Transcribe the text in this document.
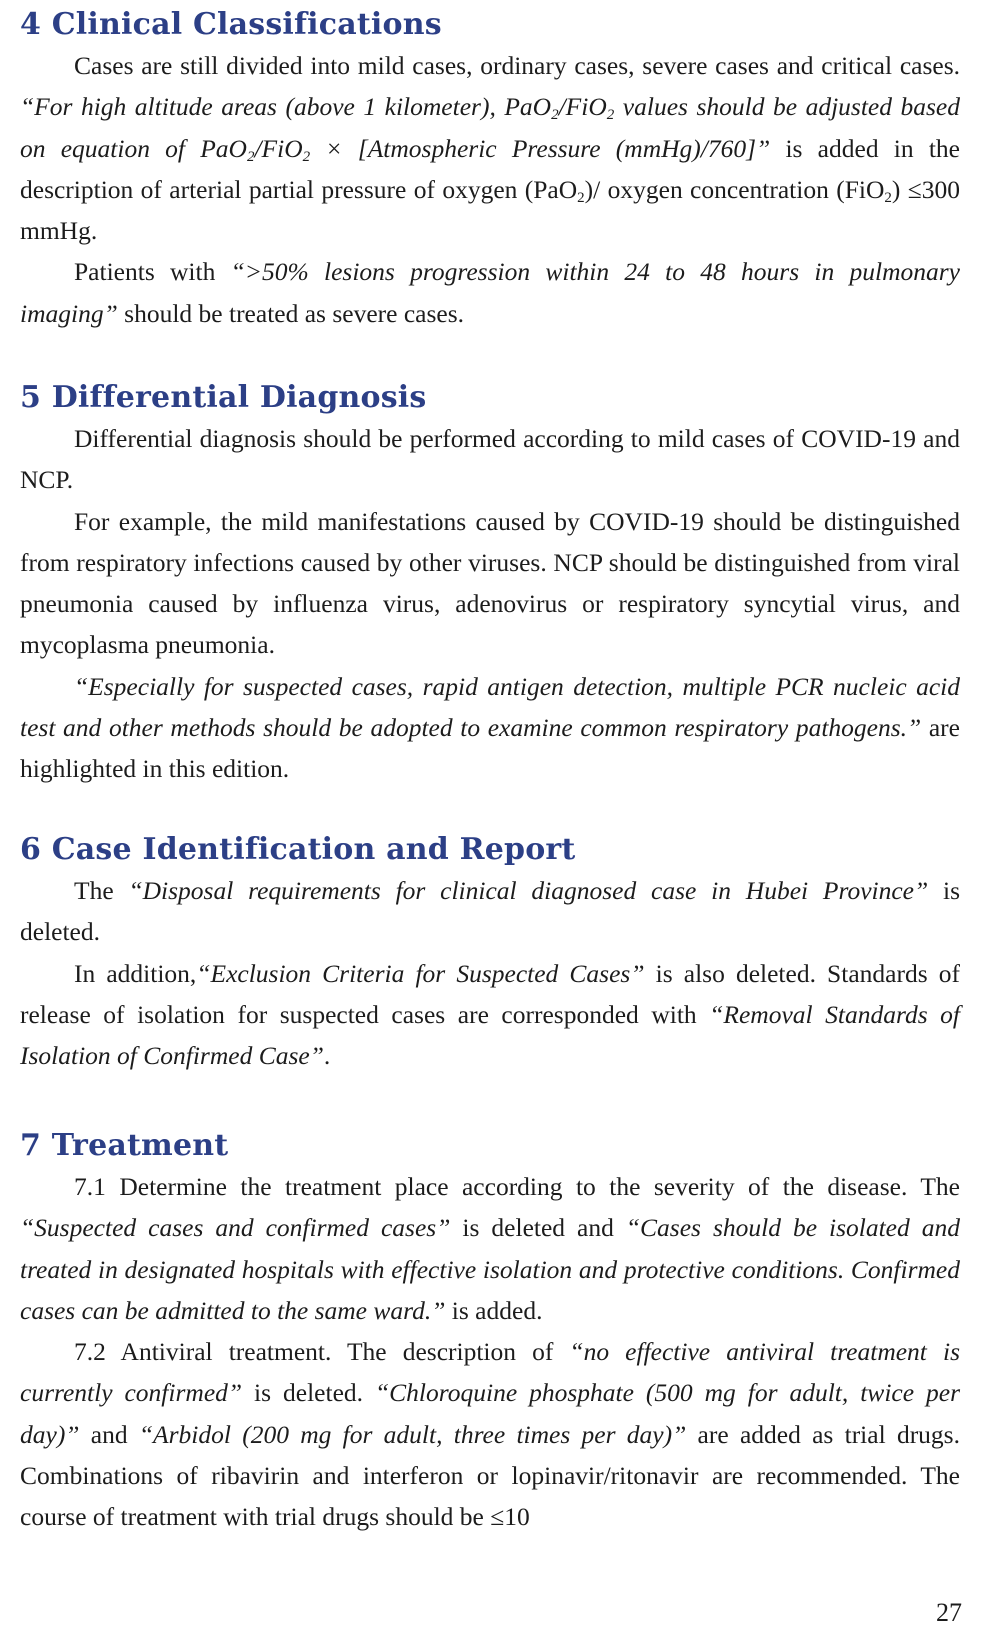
4 Clinical Classifications

Cases are still divided into mild cases, ordinary cases, severe cases and critical cases. “For high altitude areas (above 1 kilometer), PaO$_2$/FiO$_2$ values should be adjusted based on equation of PaO$_2$/FiO$_2$ × [Atmospheric Pressure (mmHg)/760]” is added in the description of arterial partial pressure of oxygen (PaO$_2$)/ oxygen concentration (FiO$_2$) ≤300 mmHg.

Patients with “>50% lesions progression within 24 to 48 hours in pulmonary imaging” should be treated as severe cases.

5 Differential Diagnosis

Differential diagnosis should be performed according to mild cases of COVID-19 and NCP.

For example, the mild manifestations caused by COVID-19 should be distinguished from respiratory infections caused by other viruses. NCP should be distinguished from viral pneumonia caused by influenza virus, adenovirus or respiratory syncytial virus, and mycoplasma pneumonia.

“Especially for suspected cases, rapid antigen detection, multiple PCR nucleic acid test and other methods should be adopted to examine common respiratory pathogens.” are highlighted in this edition.

6 Case Identification and Report

The “Disposal requirements for clinical diagnosed case in Hubei Province” is deleted.

In addition,“Exclusion Criteria for Suspected Cases” is also deleted. Standards of release of isolation for suspected cases are corresponded with “Removal Standards of Isolation of Confirmed Case”.

7 Treatment

7.1 Determine the treatment place according to the severity of the disease. The “Suspected cases and confirmed cases” is deleted and “Cases should be isolated and treated in designated hospitals with effective isolation and protective conditions. Confirmed cases can be admitted to the same ward.” is added.

7.2 Antiviral treatment. The description of “no effective antiviral treatment is currently confirmed” is deleted. “Chloroquine phosphate (500 mg for adult, twice per day)” and “Arbidol (200 mg for adult, three times per day)” are added as trial drugs. Combinations of ribavirin and interferon or lopinavir/ritonavir are recommended. The course of treatment with trial drugs should be ≤10

27
